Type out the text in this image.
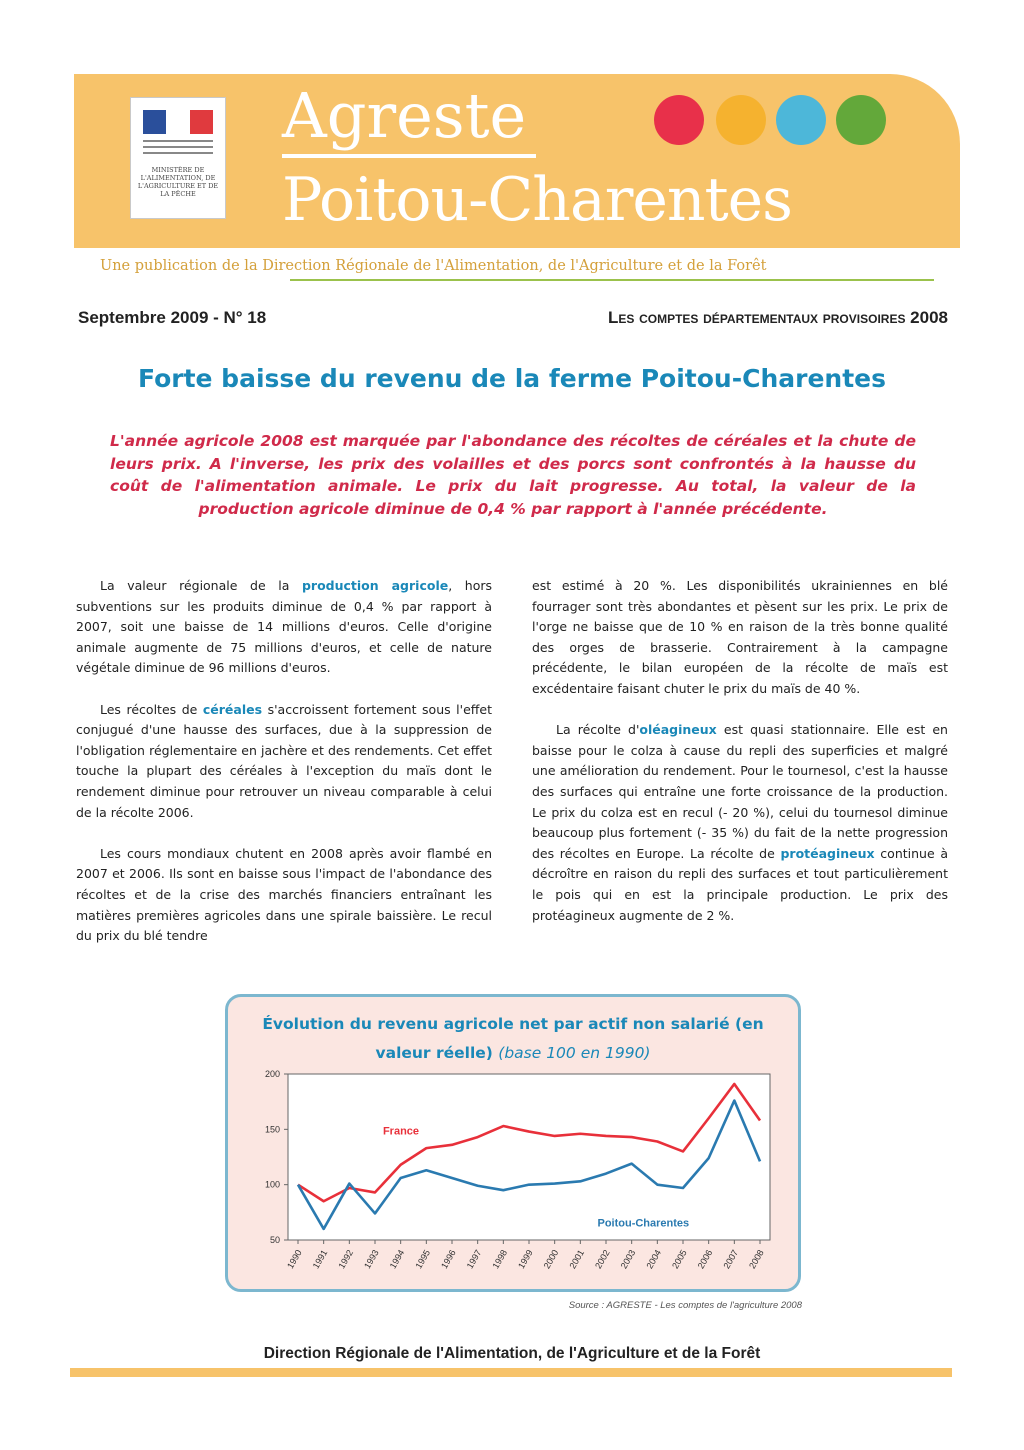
MINISTÈRE DE L'ALIMENTATION, DE L'AGRICULTURE ET DE LA PÊCHE
Agreste
Poitou-Charentes
Une publication de la Direction Régionale de l'Alimentation, de l'Agriculture et de la Forêt
Septembre 2009 - N° 18	Les comptes départementaux provisoires 2008
Forte baisse du revenu de la ferme Poitou-Charentes

L'année agricole 2008 est marquée par l'abondance des récoltes de céréales et la chute de leurs prix. A l'inverse, les prix des volailles et des porcs sont confrontés à la hausse du coût de l'alimentation animale. Le prix du lait progresse. Au total, la valeur de la production agricole diminue de 0,4 % par rapport à l'année précédente.

La valeur régionale de la production agricole, hors subventions sur les produits diminue de 0,4 % par rapport à 2007, soit une baisse de 14 millions d'euros. Celle d'origine animale augmente de 75 millions d'euros, et celle de nature végétale diminue de 96 millions d'euros.

Les récoltes de céréales s'accroissent fortement sous l'effet conjugué d'une hausse des surfaces, due à la suppression de l'obligation réglementaire en jachère et des rendements. Cet effet touche la plupart des céréales à l'exception du maïs dont le rendement diminue pour retrouver un niveau comparable à celui de la récolte 2006.

Les cours mondiaux chutent en 2008 après avoir flambé en 2007 et 2006. Ils sont en baisse sous l'impact de l'abondance des récoltes et de la crise des marchés financiers entraînant les matières premières agricoles dans une spirale baissière. Le recul du prix du blé tendre

est estimé à 20 %. Les disponibilités ukrainiennes en blé fourrager sont très abondantes et pèsent sur les prix. Le prix de l'orge ne baisse que de 10 % en raison de la très bonne qualité des orges de brasserie. Contrairement à la campagne précédente, le bilan européen de la récolte de maïs est excédentaire faisant chuter le prix du maïs de 40 %.

La récolte d'oléagineux est quasi stationnaire. Elle est en baisse pour le colza à cause du repli des superficies et malgré une amélioration du rendement. Pour le tournesol, c'est la hausse des surfaces qui entraîne une forte croissance de la production. Le prix du colza est en recul (- 20 %), celui du tournesol diminue beaucoup plus fortement (- 35 %) du fait de la nette progression des récoltes en Europe. La récolte de protéagineux continue à décroître en raison du repli des surfaces et tout particulièrement le pois qui en est la principale production. Le prix des protéagineux augmente de 2 %.

Évolution du revenu agricole net par actif non salarié (en valeur réelle) (base 100 en 1990)

50
100
150
200
1990 1991 1992 1993 1994 1995 1996 1997 1998 1999 2000 2001 2002 2003 2004 2005 2006 2007 2008
France
Poitou-Charentes
Source : AGRESTE - Les comptes de l'agriculture 2008
Direction Régionale de l'Alimentation, de l'Agriculture et de la Forêt
